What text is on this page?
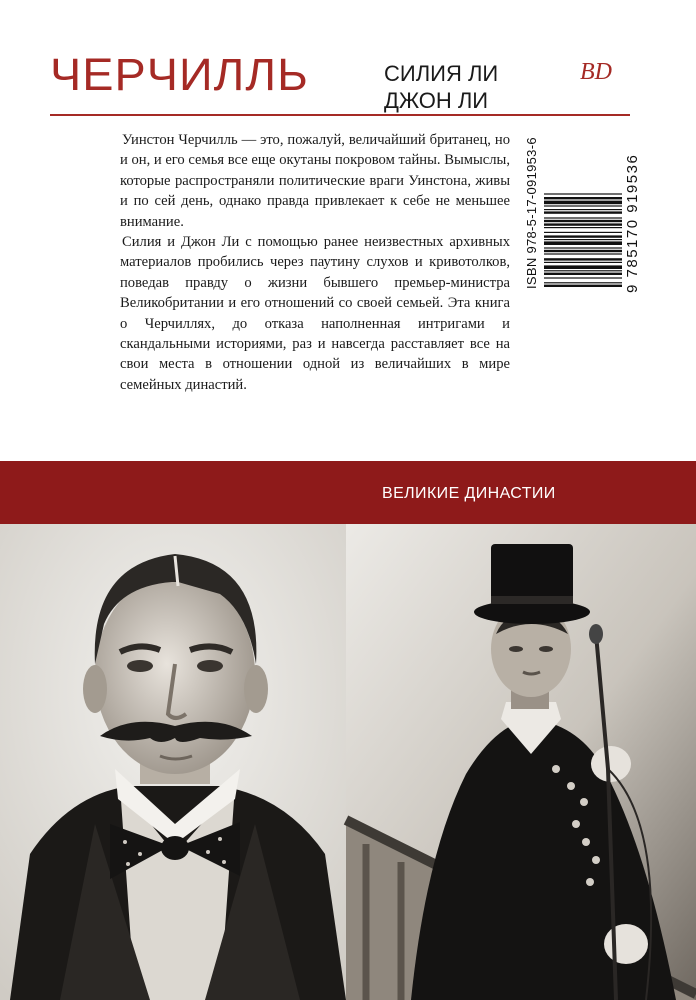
ЧЕРЧИЛЛЬ	СИЛИЯ ЛИ
ДЖОН ЛИ
BD

Уинстон Черчилль — это, пожалуй, величайший британец, но и он, и его семья все еще окутаны покровом тайны. Вымыслы, которые распространяли политические враги Уинстона, живы и по сей день, однако правда привлекает к себе не меньшее внимание.

Силия и Джон Ли с помощью ранее неизвестных архивных материалов пробились через паутину слухов и кривотолков, поведав правду о жизни бывшего премьер-министра Великобритании и его отношений со своей семьей. Эта книга о Черчиллях, до отказа наполненная интригами и скандальными историями, раз и навсегда расставляет все на свои места в отношении одной из величайших в мире семейных династий.

ISBN 978-5-17-091953-6	9 785170 919536
ВЕЛИКИЕ ДИНАСТИИ
